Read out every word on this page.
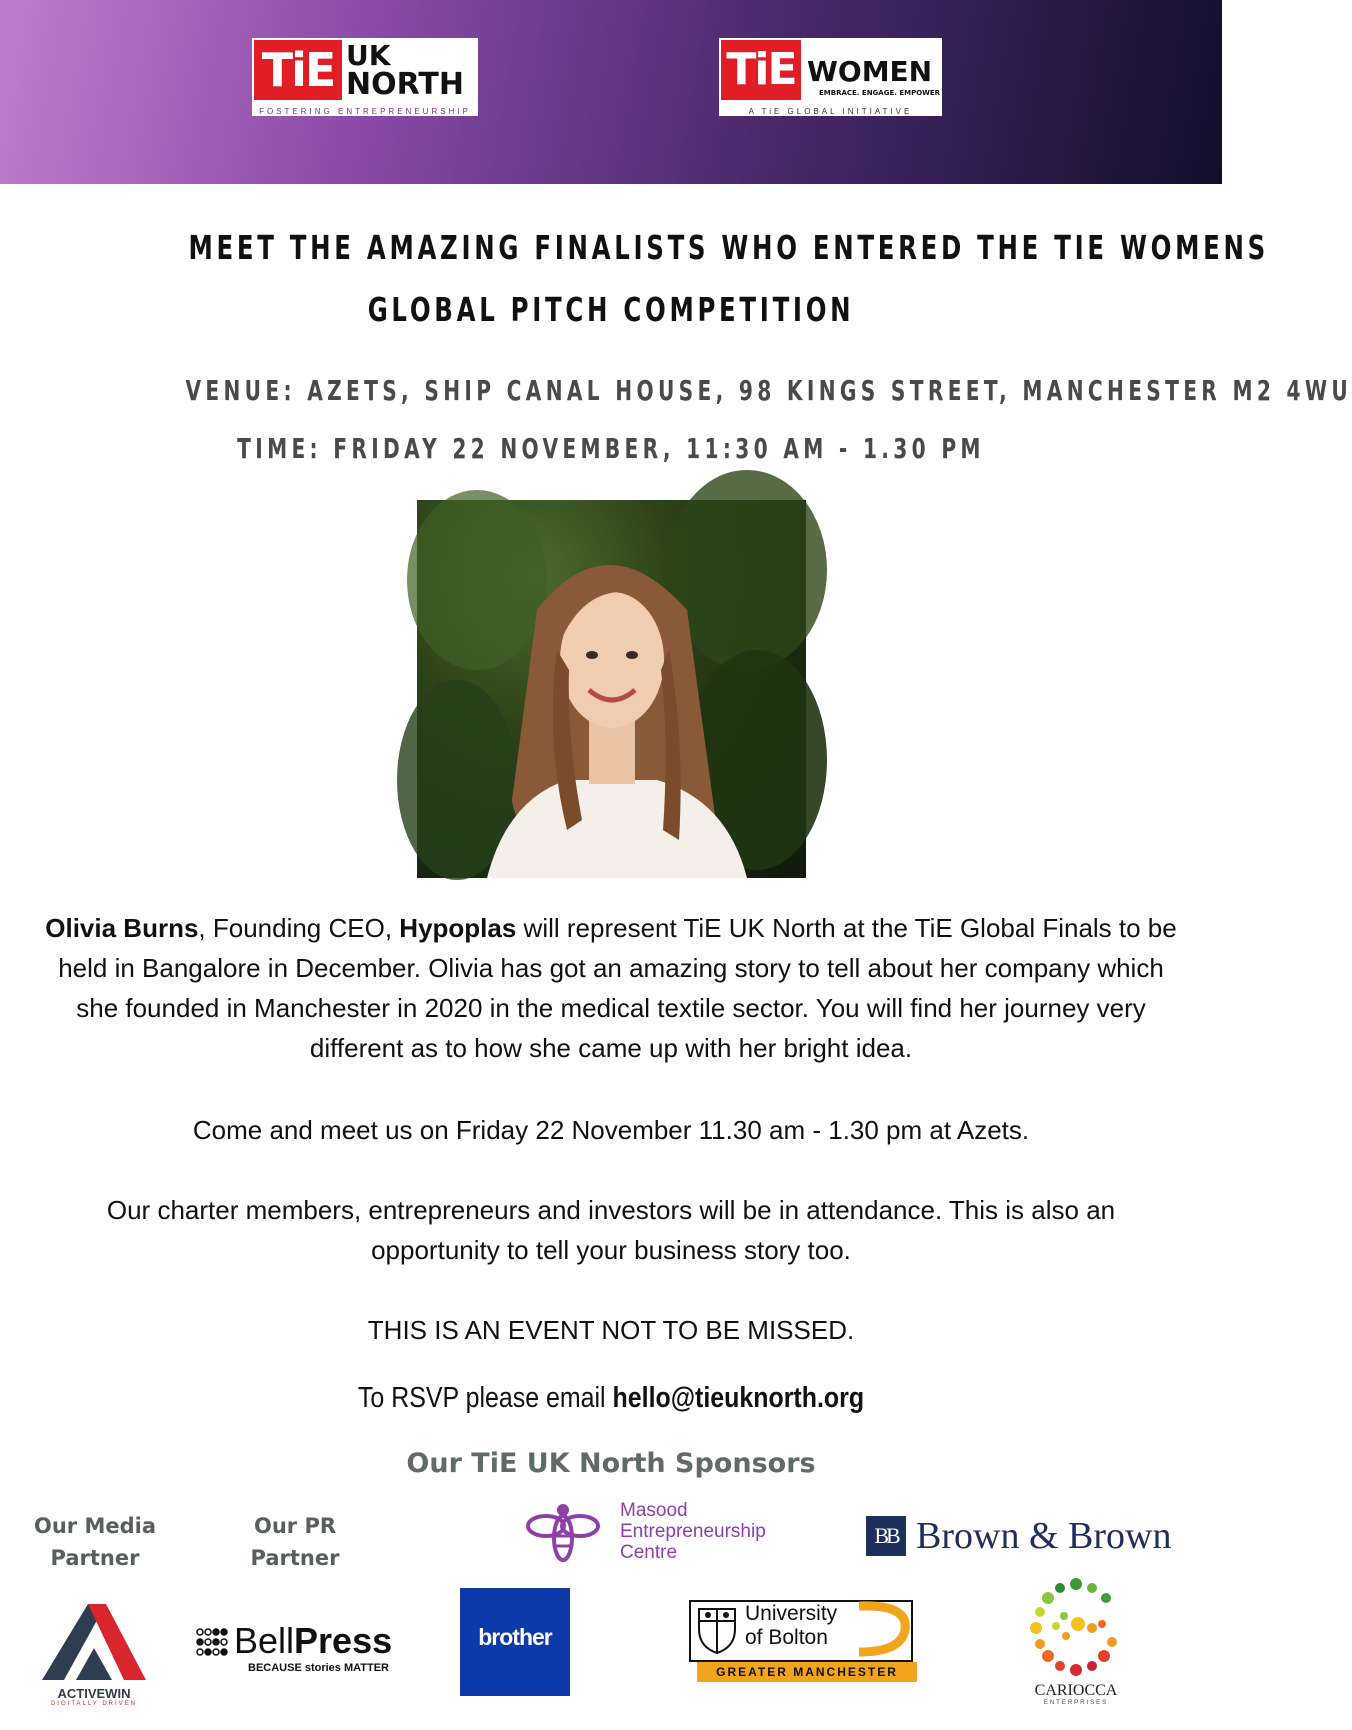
TiE UK
NORTH
FOSTERING ENTREPRENEURSHIP
TiE WOMEN
EMBRACE. ENGAGE. EMPOWER
A TiE GLOBAL INITIATIVE
MEET THE AMAZING FINALISTS WHO ENTERED THE TIE WOMENS
GLOBAL PITCH COMPETITION
VENUE: AZETS, SHIP CANAL HOUSE, 98 KINGS STREET, MANCHESTER M2 4WU
TIME: FRIDAY 22 NOVEMBER, 11:30 AM - 1.30 PM
Olivia Burns, Founding CEO, Hypoplas will represent TiE UK North at the TiE Global Finals to be held in Bangalore in December. Olivia has got an amazing story to tell about her company which she founded in Manchester in 2020 in the medical textile sector. You will find her journey very different as to how she came up with her bright idea.
Come and meet us on Friday 22 November 11.30 am - 1.30 pm at Azets.
Our charter members, entrepreneurs and investors will be in attendance. This is also an opportunity to tell your business story too.
THIS IS AN EVENT NOT TO BE MISSED.
To RSVP please email hello@tieuknorth.org
Our TiE UK North Sponsors
Our Media
Partner
Our PR
Partner
Masood
Entrepreneurship
Centre
BB Brown & Brown
ACTIVEWIN
DIGITALLY DRIVEN
BellPress
BECAUSE stories MATTER
brother
University
of Bolton
GREATER MANCHESTER
CARIOCCA
ENTERPRISES
